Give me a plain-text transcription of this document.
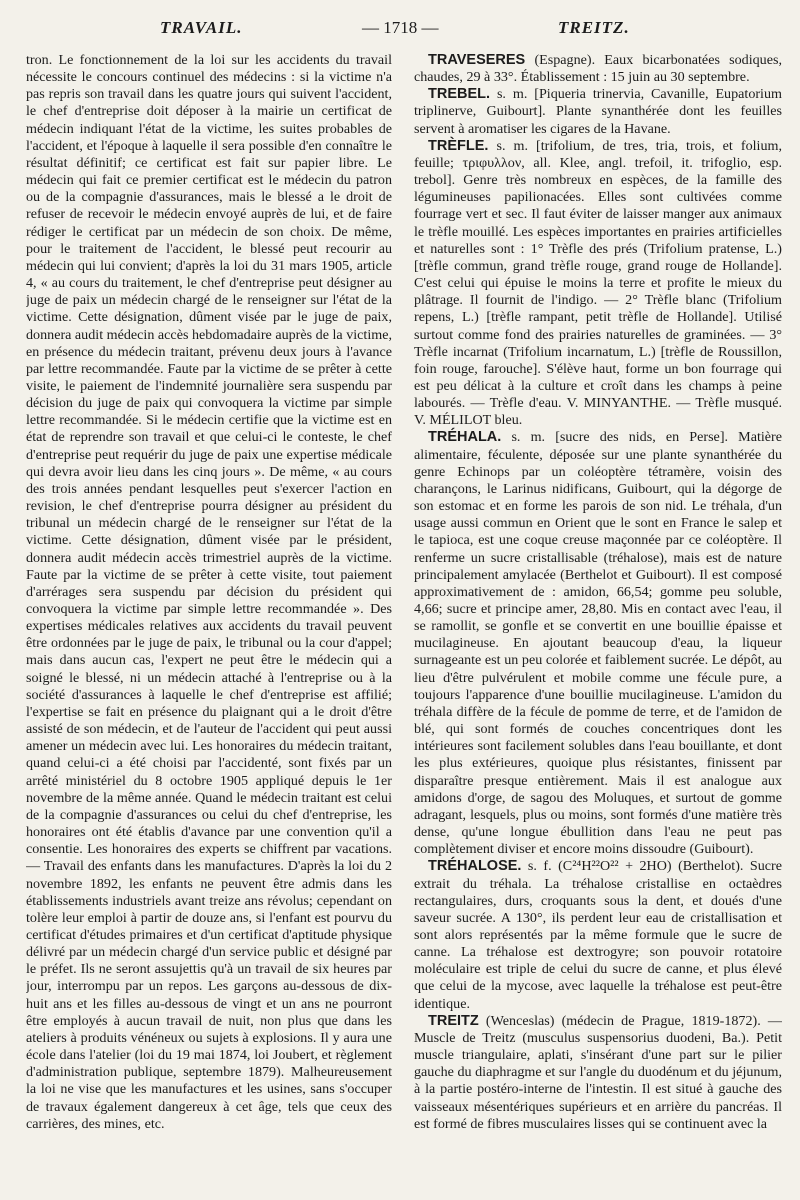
TRAVAIL.	— 1718 —	TREITZ.

tron. Le fonctionnement de la loi sur les accidents du travail nécessite le concours continuel des médecins : si la victime n'a pas repris son travail dans les quatre jours qui suivent l'accident, le chef d'entreprise doit déposer à la mairie un certificat de médecin indiquant l'état de la victime, les suites probables de l'accident, et l'époque à laquelle il sera possible d'en connaître le résultat définitif; ce certificat est fait sur papier libre. Le médecin qui fait ce premier certificat est le médecin du patron ou de la compagnie d'assurances, mais le blessé a le droit de refuser de recevoir le médecin envoyé auprès de lui, et de faire rédiger le certificat par un médecin de son choix. De même, pour le traitement de l'accident, le blessé peut recourir au médecin qui lui convient; d'après la loi du 31 mars 1905, article 4, « au cours du traitement, le chef d'entreprise peut désigner au juge de paix un médecin chargé de le renseigner sur l'état de la victime. Cette désignation, dûment visée par le juge de paix, donnera audit médecin accès hebdomadaire auprès de la victime, en présence du médecin traitant, prévenu deux jours à l'avance par lettre recommandée. Faute par la victime de se prêter à cette visite, le paiement de l'indemnité journalière sera suspendu par décision du juge de paix qui convoquera la victime par simple lettre recommandée. Si le médecin certifie que la victime est en état de reprendre son travail et que celui-ci le conteste, le chef d'entreprise peut requérir du juge de paix une expertise médicale qui devra avoir lieu dans les cinq jours ». De même, « au cours des trois années pendant lesquelles peut s'exercer l'action en revision, le chef d'entreprise pourra désigner au président du tribunal un médecin chargé de le renseigner sur l'état de la victime. Cette désignation, dûment visée par le président, donnera audit médecin accès trimestriel auprès de la victime. Faute par la victime de se prêter à cette visite, tout paiement d'arrérages sera suspendu par décision du président qui convoquera la victime par simple lettre recommandée ». Des expertises médicales relatives aux accidents du travail peuvent être ordonnées par le juge de paix, le tribunal ou la cour d'appel; mais dans aucun cas, l'expert ne peut être le médecin qui a soigné le blessé, ni un médecin attaché à l'entreprise ou à la société d'assurances à laquelle le chef d'entreprise est affilié; l'expertise se fait en présence du plaignant qui a le droit d'être assisté de son médecin, et de l'auteur de l'accident qui peut aussi amener un médecin avec lui. Les honoraires du médecin traitant, quand celui-ci a été choisi par l'accidenté, sont fixés par un arrêté ministériel du 8 octobre 1905 appliqué depuis le 1er novembre de la même année. Quand le médecin traitant est celui de la compagnie d'assurances ou celui du chef d'entreprise, les honoraires ont été établis d'avance par une convention qu'il a consentie. Les honoraires des experts se chiffrent par vacations. — Travail des enfants dans les manufactures. D'après la loi du 2 novembre 1892, les enfants ne peuvent être admis dans les établissements industriels avant treize ans révolus; cependant on tolère leur emploi à partir de douze ans, si l'enfant est pourvu du certificat d'études primaires et d'un certificat d'aptitude physique délivré par un médecin chargé d'un service public et désigné par le préfet. Ils ne seront assujettis qu'à un travail de six heures par jour, interrompu par un repos. Les garçons au-dessous de dix-huit ans et les filles au-dessous de vingt et un ans ne pourront être employés à aucun travail de nuit, non plus que dans les ateliers à produits vénéneux ou sujets à explosions. Il y aura une école dans l'atelier (loi du 19 mai 1874, loi Joubert, et règlement d'administration publique, septembre 1879). Malheureusement la loi ne vise que les manufactures et les usines, sans s'occuper de travaux également dangereux à cet âge, tels que ceux des carrières, des mines, etc.

TRAVESERES (Espagne). Eaux bicarbonatées sodiques, chaudes, 29 à 33°. Établissement : 15 juin au 30 septembre.

TREBEL. s. m. [Piqueria trinervia, Cavanille, Eupatorium triplinerve, Guibourt]. Plante synanthérée dont les feuilles servent à aromatiser les cigares de la Havane.

TRÈFLE. s. m. [trifolium, de tres, tria, trois, et folium, feuille; τριφυλλον, all. Klee, angl. trefoil, it. trifoglio, esp. trebol]. Genre très nombreux en espèces, de la famille des légumineuses papilionacées. Elles sont cultivées comme fourrage vert et sec. Il faut éviter de laisser manger aux animaux le trèfle mouillé. Les espèces importantes en prairies artificielles et naturelles sont : 1° Trèfle des prés (Trifolium pratense, L.) [trèfle commun, grand trèfle rouge, grand rouge de Hollande]. C'est celui qui épuise le moins la terre et profite le mieux du plâtrage. Il fournit de l'indigo. — 2° Trèfle blanc (Trifolium repens, L.) [trèfle rampant, petit trèfle de Hollande]. Utilisé surtout comme fond des prairies naturelles de graminées. — 3° Trèfle incarnat (Trifolium incarnatum, L.) [trèfle de Roussillon, foin rouge, farouche]. S'élève haut, forme un bon fourrage qui est peu délicat à la culture et croît dans les champs à peine labourés. — Trèfle d'eau. V. MINYANTHE. — Trèfle musqué. V. MÉLILOT bleu.

TRÉHALA. s. m. [sucre des nids, en Perse]. Matière alimentaire, féculente, déposée sur une plante synanthérée du genre Echinops par un coléoptère tétramère, voisin des charançons, le Larinus nidificans, Guibourt, qui la dégorge de son estomac et en forme les parois de son nid. Le tréhala, d'un usage aussi commun en Orient que le sont en France le salep et le tapioca, est une coque creuse maçonnée par ce coléoptère. Il renferme un sucre cristallisable (tréhalose), mais est de nature principalement amylacée (Berthelot et Guibourt). Il est composé approximativement de : amidon, 66,54; gomme peu soluble, 4,66; sucre et principe amer, 28,80. Mis en contact avec l'eau, il se ramollit, se gonfle et se convertit en une bouillie épaisse et mucilagineuse. En ajoutant beaucoup d'eau, la liqueur surnageante est un peu colorée et faiblement sucrée. Le dépôt, au lieu d'être pulvérulent et mobile comme une fécule pure, a toujours l'apparence d'une bouillie mucilagineuse. L'amidon du tréhala diffère de la fécule de pomme de terre, et de l'amidon de blé, qui sont formés de couches concentriques dont les intérieures sont facilement solubles dans l'eau bouillante, et dont les plus extérieures, quoique plus résistantes, finissent par disparaître presque entièrement. Mais il est analogue aux amidons d'orge, de sagou des Moluques, et surtout de gomme adragant, lesquels, plus ou moins, sont formés d'une matière très dense, qu'une longue ébullition dans l'eau ne peut pas complètement diviser et encore moins dissoudre (Guibourt).

TRÉHALOSE. s. f. (C²⁴H²²O²² + 2HO) (Berthelot). Sucre extrait du tréhala. La tréhalose cristallise en octaèdres rectangulaires, durs, croquants sous la dent, et doués d'une saveur sucrée. A 130°, ils perdent leur eau de cristallisation et sont alors représentés par la même formule que le sucre de canne. La tréhalose est dextrogyre; son pouvoir rotatoire moléculaire est triple de celui du sucre de canne, et plus élevé que celui de la mycose, avec laquelle la tréhalose est peut-être identique.

TREITZ (Wenceslas) (médecin de Prague, 1819-1872). — Muscle de Treitz (musculus suspensorius duodeni, Ba.). Petit muscle triangulaire, aplati, s'insérant d'une part sur le pilier gauche du diaphragme et sur l'angle du duodénum et du jéjunum, à la partie postéro-interne de l'intestin. Il est situé à gauche des vaisseaux mésentériques supérieurs et en arrière du pancréas. Il est formé de fibres musculaires lisses qui se continuent avec la
